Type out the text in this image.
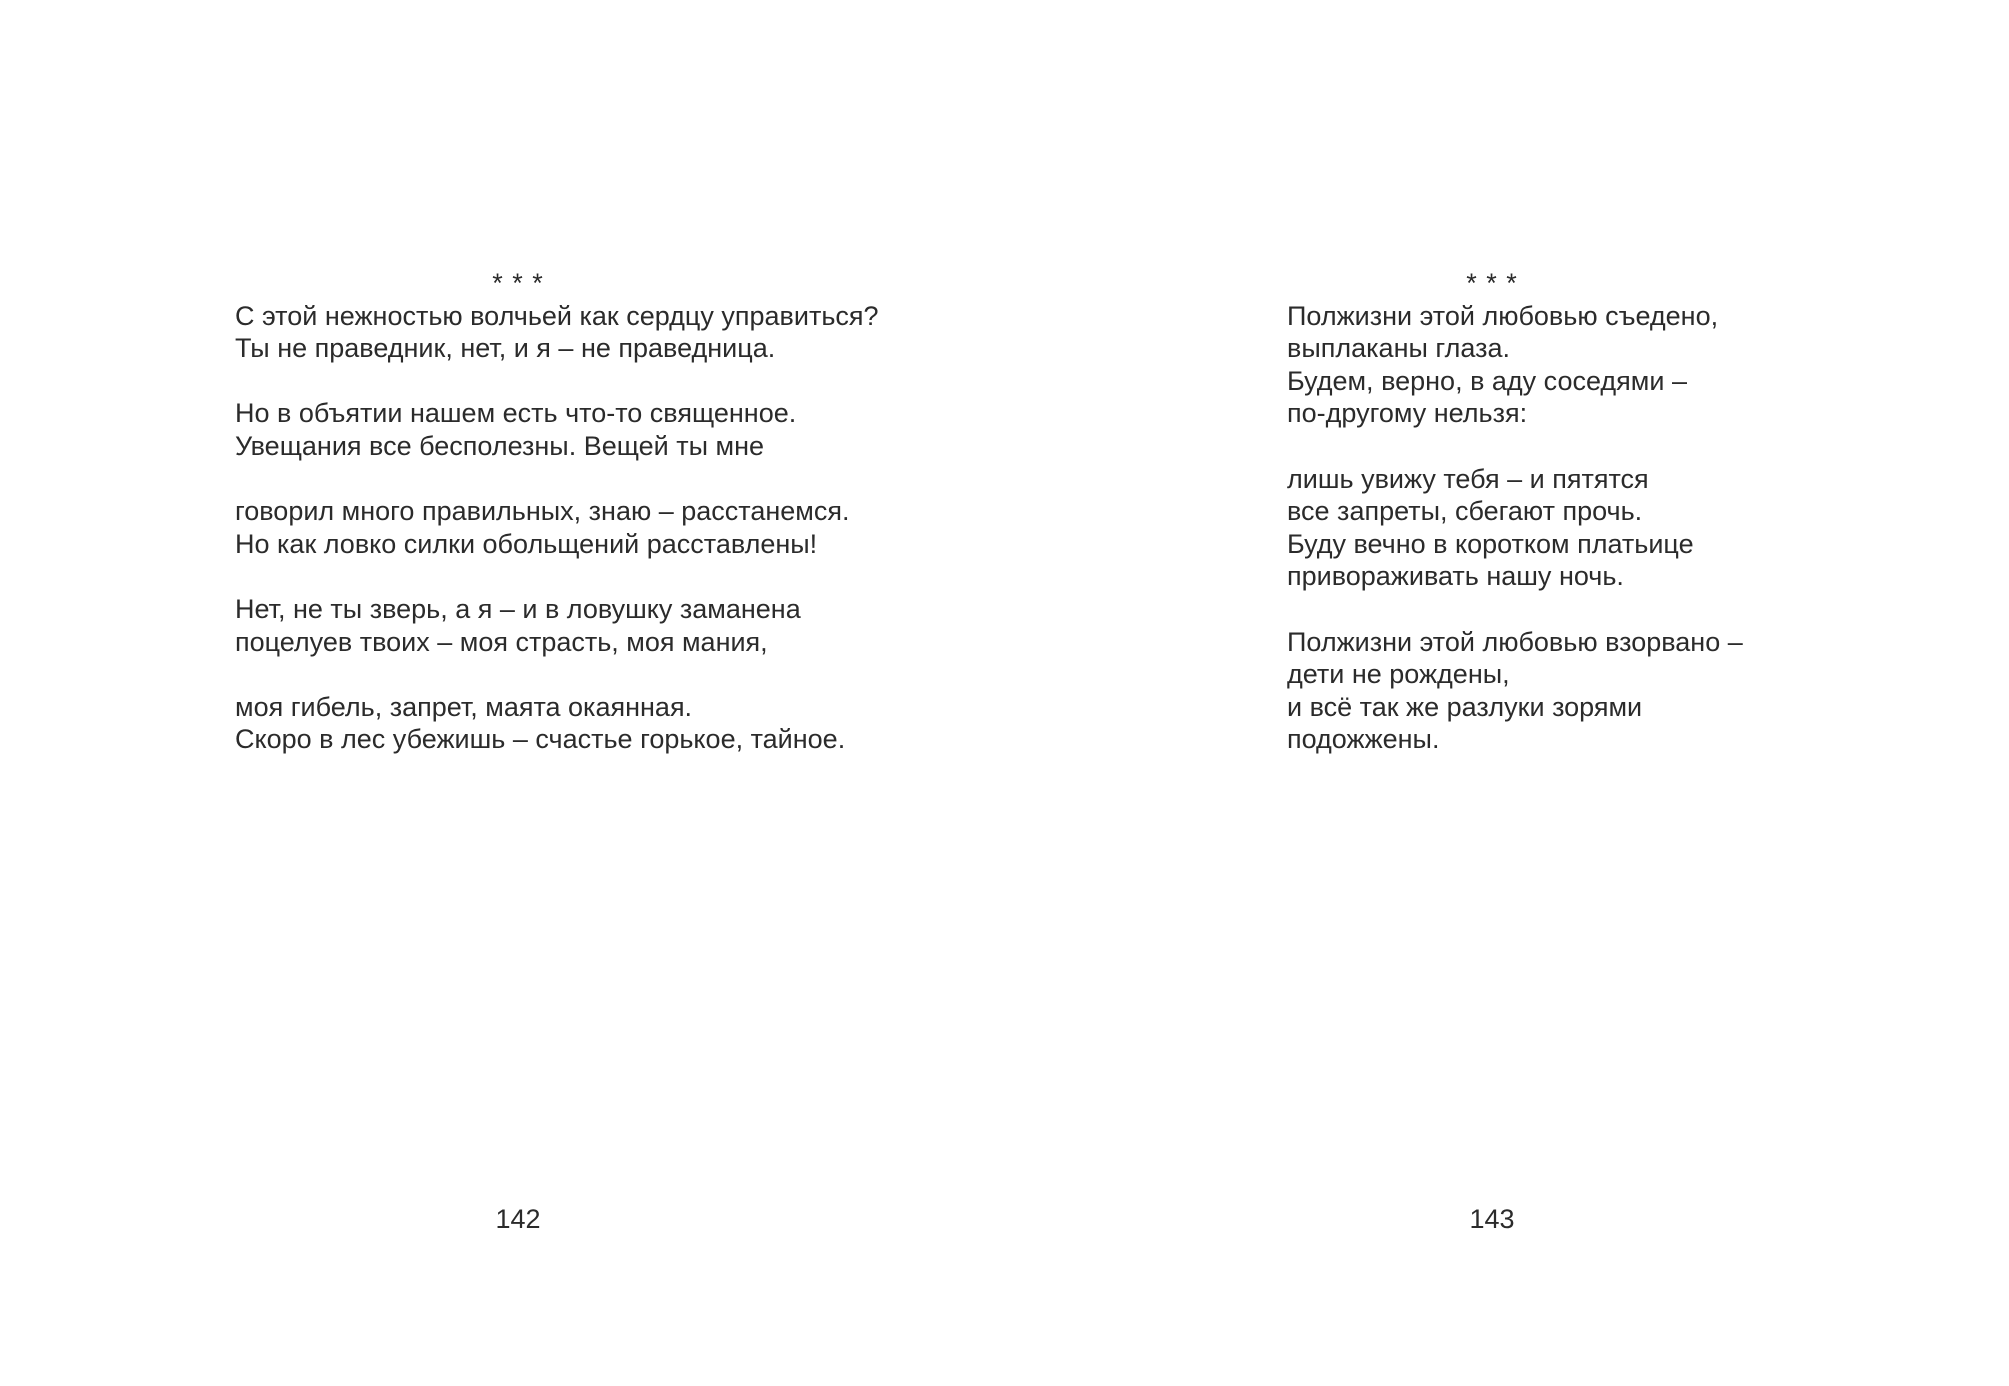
* * *
С этой нежностью волчьей как сердцу управиться?
Ты не праведник, нет, и я – не праведница.
Но в объятии нашем есть что-то священное.
Увещания все бесполезны. Вещей ты мне
говорил много правильных, знаю – расстанемся.
Но как ловко силки обольщений расставлены!
Нет, не ты зверь, а я – и в ловушку заманена
поцелуев твоих – моя страсть, моя мания,
моя гибель, запрет, маята окаянная.
Скоро в лес убежишь – счастье горькое, тайное.
142
* * *
Полжизни этой любовью съедено,
выплаканы глаза.
Будем, верно, в аду соседями –
по-другому нельзя:
лишь увижу тебя – и пятятся
все запреты, сбегают прочь.
Буду вечно в коротком платьице
привораживать нашу ночь.
Полжизни этой любовью взорвано –
дети не рождены,
и всё так же разлуки зорями
подожжены.
143
